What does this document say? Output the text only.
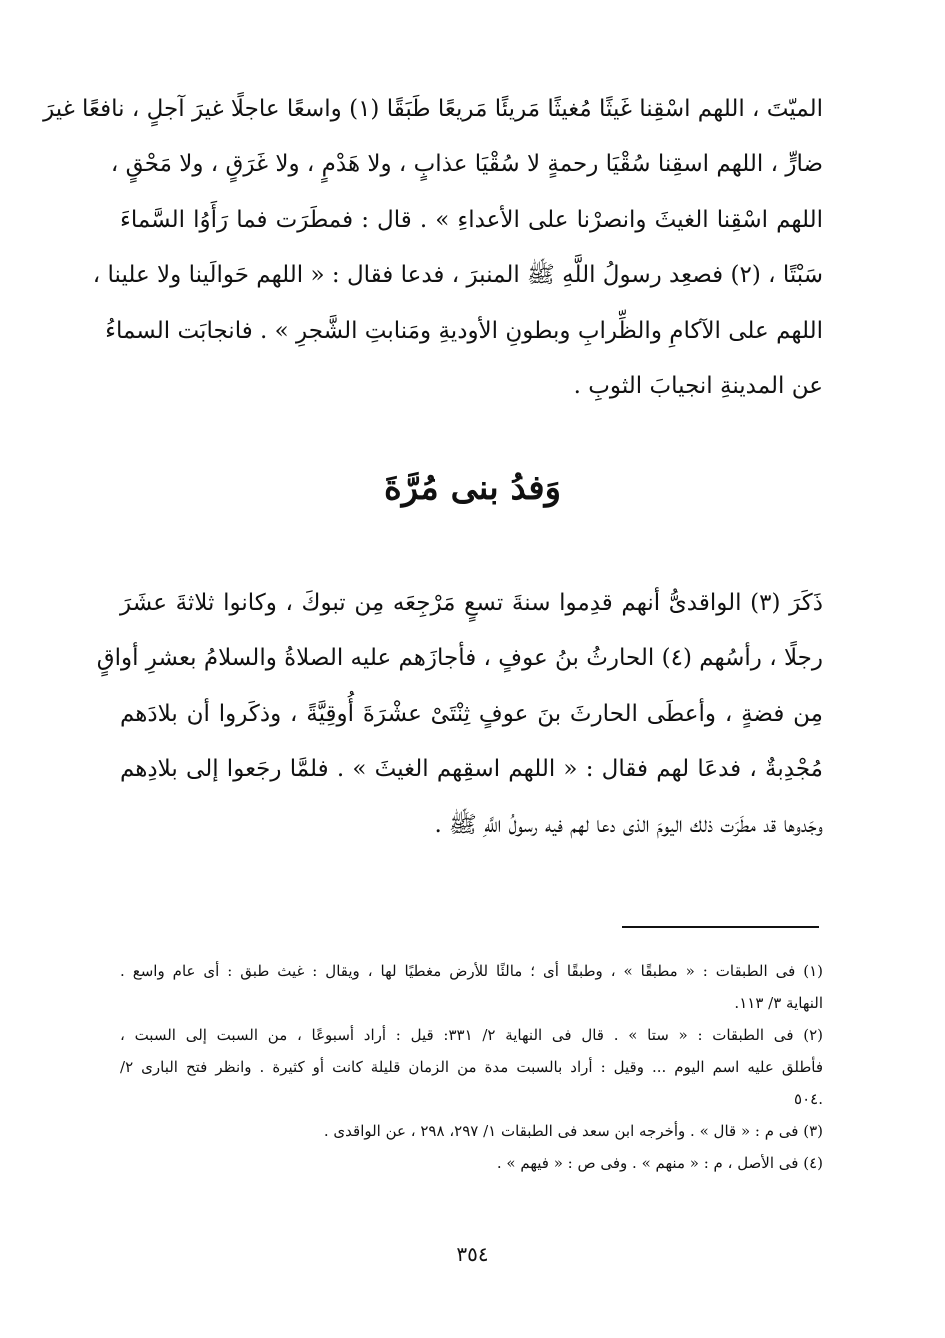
الميّتَ ، اللهم اسْقِنا غَيثًا مُغيثًا مَريئًا مَريعًا طَبَقًا (١) واسعًا عاجلًا غيرَ آجلٍ ، نافعًا غيرَ
ضارٍّ ، اللهم اسقِنا سُقْيَا رحمةٍ لا سُقْيَا عذابٍ ، ولا هَدْمٍ ، ولا غَرَقٍ ، ولا مَحْقٍ ،
اللهم اسْقِنا الغيثَ وانصرْنا على الأعداءِ » . قال : فمطَرَت فما رَأَوُا السَّماءَ
سَبْتًا ، (٢) فصعِد رسولُ اللَّهِ ﷺ المنبرَ ، فدعا فقال : « اللهم حَوالَينا ولا علينا ،
اللهم على الآكامِ والظِّرابِ وبطونِ الأوديةِ ومَنابتِ الشَّجرِ » . فانجابَت السماءُ
عن المدينةِ انجيابَ الثوبِ .
وَفدُ بنى مُرَّةَ
ذَكَرَ (٣) الواقدىُّ أنهم قدِموا سنةَ تسعٍ مَرْجِعَه مِن تبوكَ ، وكانوا ثلاثةَ عشَرَ
رجلًا ، رأسُهم (٤) الحارثُ بنُ عوفٍ ، فأجازَهم عليه الصلاةُ والسلامُ بعشرِ أواقٍ
مِن فضةٍ ، وأعطَى الحارثَ بنَ عوفٍ ثِنْتَىْ عشْرَةَ أُوقِيَّةً ، وذكَروا أن بلادَهم
مُجْدِبةٌ ، فدعَا لهم فقال : « اللهم اسقِهم الغيثَ » . فلمَّا رجَعوا إلى بلادِهم
وجَدوها قد مطَرَت ذلك اليومَ الذى دعا لهم فيه رسولُ اللَّهِ ﷺ .
(١) فى الطبقات : « مطبقًا » ، وطبقًا أى ؛ مالئًا للأرض مغطيًا لها ، ويقال : غيث طبق : أى عام واسع .
النهاية ٣/ ١١٣.
(٢) فى الطبقات : « ستا » . قال فى النهاية ٢/ ٣٣١: قيل : أراد أسبوعًا ، من السبت إلى السبت ،
فأطلق عليه اسم اليوم ... وقيل : أراد بالسبت مدة من الزمان قليلة كانت أو كثيرة . وانظر فتح البارى ٢/
.٥٠٤
(٣) فى م : « قال » . وأخرجه ابن سعد فى الطبقات ١/ ٢٩٧، ٢٩٨ ، عن الواقدى .
(٤) فى الأصل ، م : « منهم » . وفى ص : « فيهم » .
٣٥٤
